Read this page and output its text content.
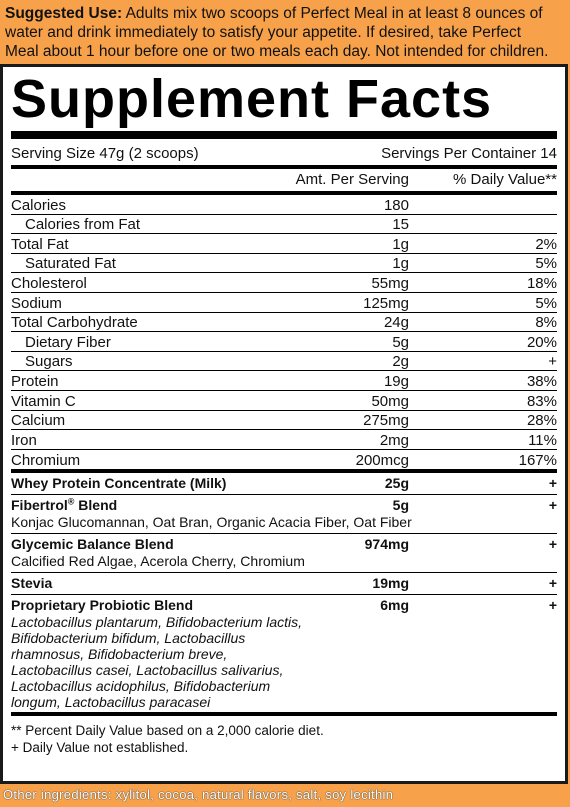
Suggested Use: Adults mix two scoops of Perfect Meal in at least 8 ounces of water and drink immediately to satisfy your appetite. If desired, take Perfect Meal about 1 hour before one or two meals each day. Not intended for children.
Supplement Facts
Serving Size 47g (2 scoops)	Servings Per Container 14
Amt. Per Serving	% Daily Value**
Calories	180
Calories from Fat	15
Total Fat	1g	2%
Saturated Fat	1g	5%
Cholesterol	55mg	18%
Sodium	125mg	5%
Total Carbohydrate	24g	8%
Dietary Fiber	5g	20%
Sugars	2g	+
Protein	19g	38%
Vitamin C	50mg	83%
Calcium	275mg	28%
Iron	2mg	11%
Chromium	200mcg	167%
Whey Protein Concentrate (Milk)	25g	+
Fibertrol® Blend	5g	+
Konjac Glucomannan, Oat Bran, Organic Acacia Fiber, Oat Fiber
Glycemic Balance Blend	974mg	+
Calcified Red Algae, Acerola Cherry, Chromium
Stevia	19mg	+
Proprietary Probiotic Blend	6mg	+
Lactobacillus plantarum, Bifidobacterium lactis, Bifidobacterium bifidum, Lactobacillus rhamnosus, Bifidobacterium breve, Lactobacillus casei, Lactobacillus salivarius, Lactobacillus acidophilus, Bifidobacterium longum, Lactobacillus paracasei
** Percent Daily Value based on a 2,000 calorie diet.
+ Daily Value not established.
Other ingredients: xylitol, cocoa, natural flavors, salt, soy lecithin
